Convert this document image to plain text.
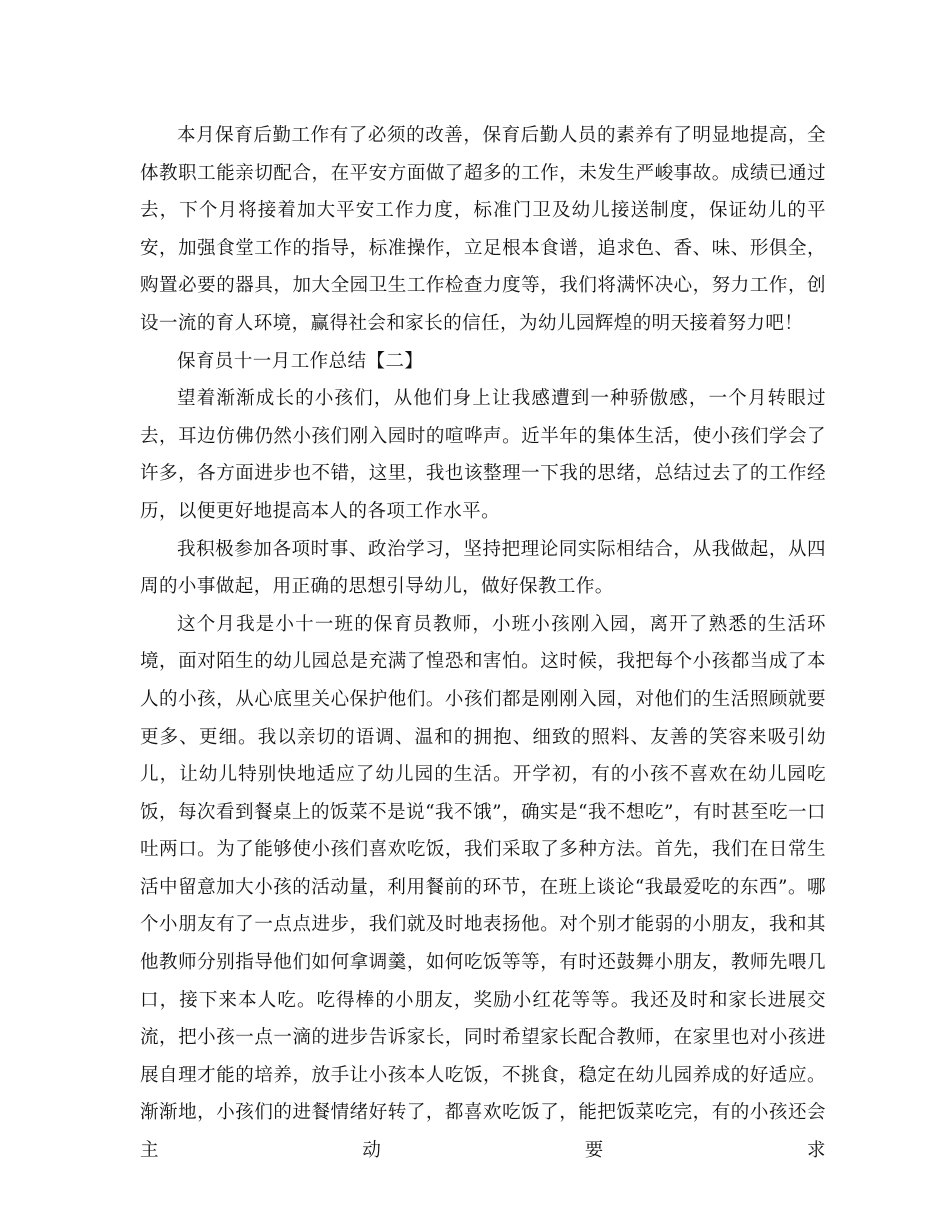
本月保育后勤工作有了必须的改善，保育后勤人员的素养有了明显地提高，全体教职工能亲切配合，在平安方面做了超多的工作，未发生严峻事故。成绩已通过去，下个月将接着加大平安工作力度，标准门卫及幼儿接送制度，保证幼儿的平安，加强食堂工作的指导，标准操作，立足根本食谱，追求色、香、味、形俱全，购置必要的器具，加大全园卫生工作检查力度等，我们将满怀决心，努力工作，创设一流的育人环境，赢得社会和家长的信任，为幼儿园辉煌的明天接着努力吧！

保育员十一月工作总结【二】

望着渐渐成长的小孩们，从他们身上让我感遭到一种骄傲感，一个月转眼过去，耳边仿佛仍然小孩们刚入园时的喧哗声。近半年的集体生活，使小孩们学会了许多，各方面进步也不错，这里，我也该整理一下我的思绪，总结过去了的工作经历，以便更好地提高本人的各项工作水平。

我积极参加各项时事、政治学习，坚持把理论同实际相结合，从我做起，从四周的小事做起，用正确的思想引导幼儿，做好保教工作。

这个月我是小十一班的保育员教师，小班小孩刚入园，离开了熟悉的生活环境，面对陌生的幼儿园总是充满了惶恐和害怕。这时候，我把每个小孩都当成了本人的小孩，从心底里关心保护他们。小孩们都是刚刚入园，对他们的生活照顾就要更多、更细。我以亲切的语调、温和的拥抱、细致的照料、友善的笑容来吸引幼儿，让幼儿特别快地适应了幼儿园的生活。开学初，有的小孩不喜欢在幼儿园吃饭，每次看到餐桌上的饭菜不是说“我不饿”，确实是“我不想吃”，有时甚至吃一口吐两口。为了能够使小孩们喜欢吃饭，我们采取了多种方法。首先，我们在日常生活中留意加大小孩的活动量，利用餐前的环节，在班上谈论“我最爱吃的东西”。哪个小朋友有了一点点进步，我们就及时地表扬他。对个别才能弱的小朋友，我和其他教师分别指导他们如何拿调羹，如何吃饭等等，有时还鼓舞小朋友，教师先喂几口，接下来本人吃。吃得棒的小朋友，奖励小红花等等。我还及时和家长进展交流，把小孩一点一滴的进步告诉家长，同时希望家长配合教师，在家里也对小孩进展自理才能的培养，放手让小孩本人吃饭，不挑食，稳定在幼儿园养成的好适应。渐渐地，小孩们的进餐情绪好转了，都喜欢吃饭了，能把饭菜吃完，有的小孩还会主动要求
